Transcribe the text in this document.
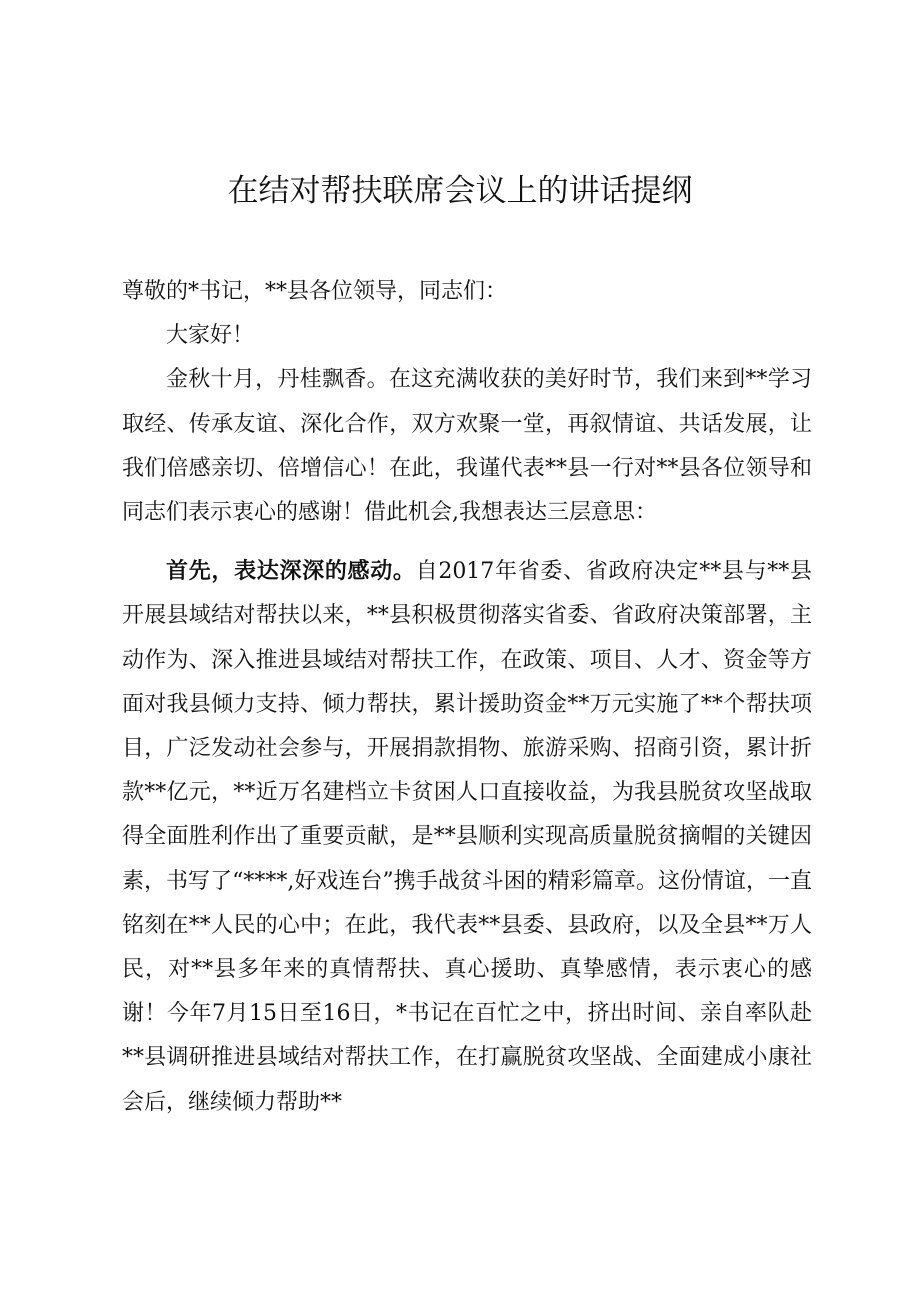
在结对帮扶联席会议上的讲话提纲

尊敬的*书记，**县各位领导，同志们：

大家好！

金秋十月，丹桂飘香。在这充满收获的美好时节，我们来到**学习取经、传承友谊、深化合作，双方欢聚一堂，再叙情谊、共话发展，让我们倍感亲切、倍增信心！在此，我谨代表**县一行对**县各位领导和同志们表示衷心的感谢！借此机会,我想表达三层意思：

首先，表达深深的感动。自2017年省委、省政府决定**县与**县开展县域结对帮扶以来，**县积极贯彻落实省委、省政府决策部署，主动作为、深入推进县域结对帮扶工作，在政策、项目、人才、资金等方面对我县倾力支持、倾力帮扶，累计援助资金**万元实施了**个帮扶项目，广泛发动社会参与，开展捐款捐物、旅游采购、招商引资，累计折款**亿元，**近万名建档立卡贫困人口直接收益，为我县脱贫攻坚战取得全面胜利作出了重要贡献，是**县顺利实现高质量脱贫摘帽的关键因素，书写了“****,好戏连台”携手战贫斗困的精彩篇章。这份情谊，一直铭刻在**人民的心中；在此，我代表**县委、县政府，以及全县**万人民，对**县多年来的真情帮扶、真心援助、真挚感情，表示衷心的感谢！今年7月15日至16日，*书记在百忙之中，挤出时间、亲自率队赴**县调研推进县域结对帮扶工作，在打赢脱贫攻坚战、全面建成小康社会后，继续倾力帮助**
